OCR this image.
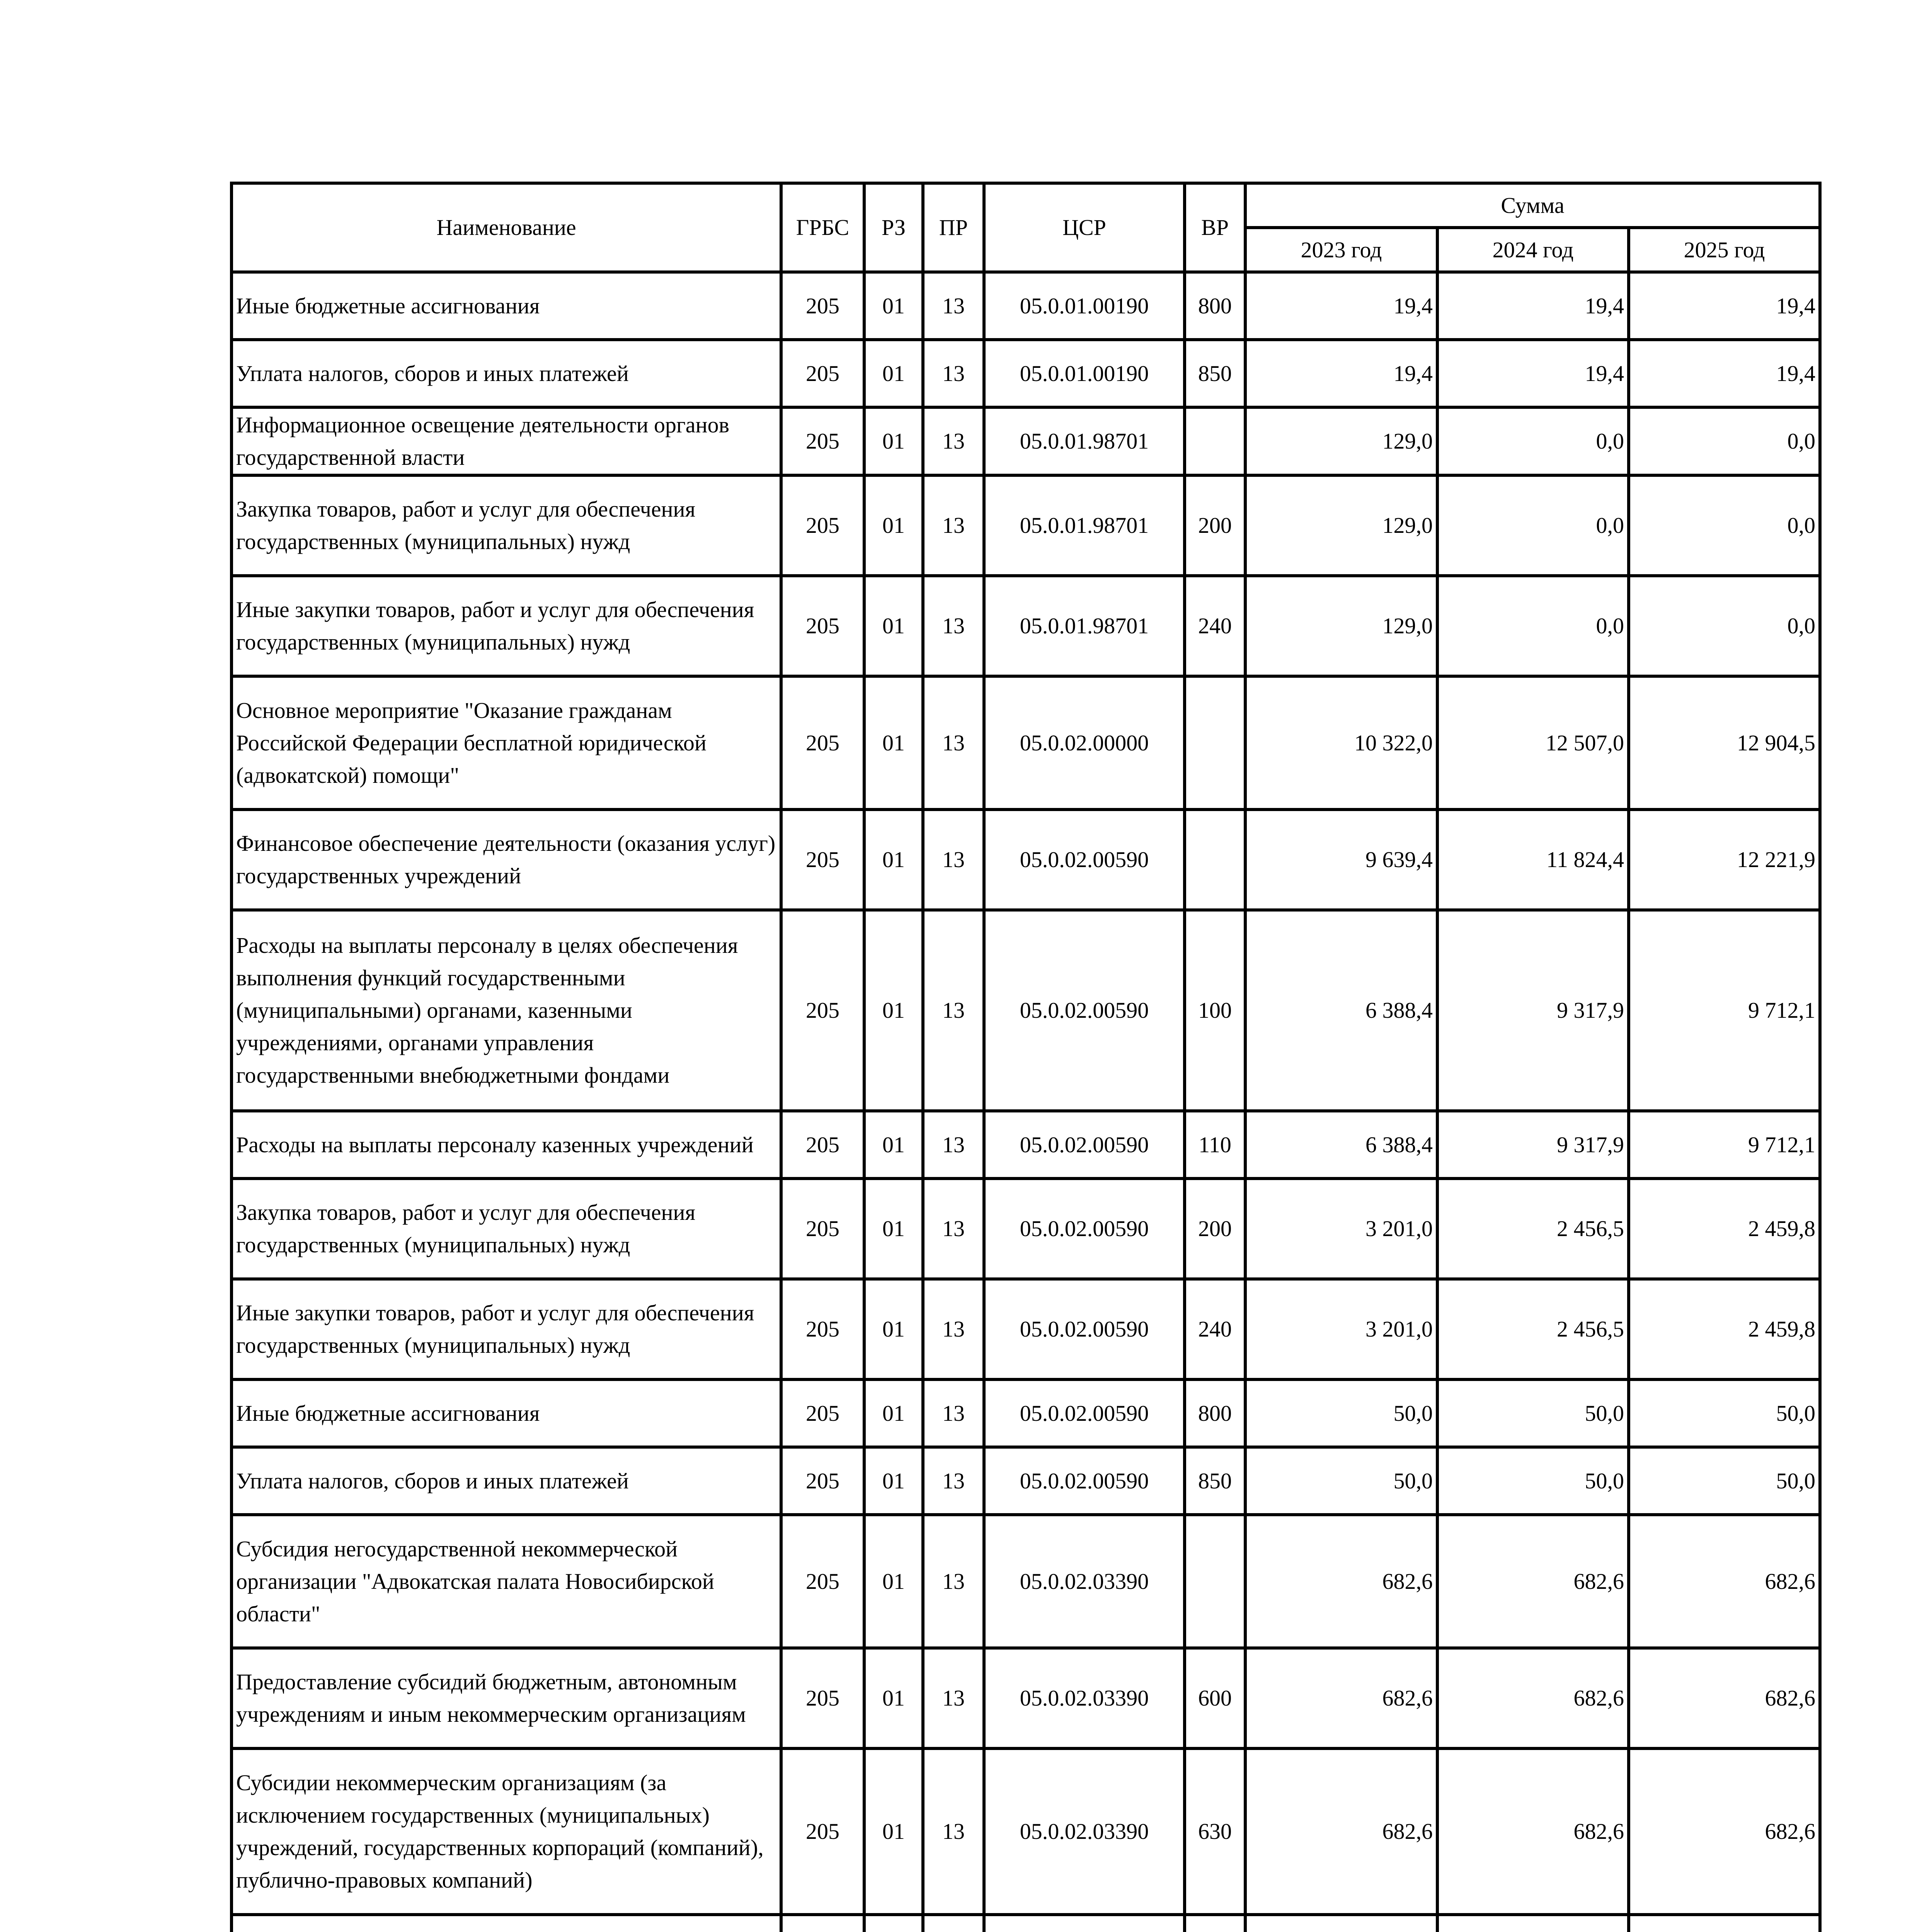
Наименование	ГРБС	РЗ	ПР	ЦСР	ВР	Сумма		
						2023 год	2024 год	2025 год
Иные бюджетные ассигнования	205	01	13	05.0.01.00190	800	19,4	19,4	19,4
Уплата налогов, сборов и иных платежей	205	01	13	05.0.01.00190	850	19,4	19,4	19,4
Информационное освещение деятельности органов государственной власти	205	01	13	05.0.01.98701		129,0	0,0	0,0
Закупка товаров, работ и услуг для обеспечения государственных (муниципальных) нужд	205	01	13	05.0.01.98701	200	129,0	0,0	0,0
Иные закупки товаров, работ и услуг для обеспечения государственных (муниципальных) нужд	205	01	13	05.0.01.98701	240	129,0	0,0	0,0
Основное мероприятие "Оказание гражданам Российской Федерации бесплатной юридической (адвокатской) помощи"	205	01	13	05.0.02.00000		10 322,0	12 507,0	12 904,5
Финансовое обеспечение деятельности (оказания услуг) государственных учреждений	205	01	13	05.0.02.00590		9 639,4	11 824,4	12 221,9
Расходы на выплаты персоналу в целях обеспечения выполнения функций государственными (муниципальными) органами, казенными учреждениями, органами управления государственными внебюджетными фондами	205	01	13	05.0.02.00590	100	6 388,4	9 317,9	9 712,1
Расходы на выплаты персоналу казенных учреждений	205	01	13	05.0.02.00590	110	6 388,4	9 317,9	9 712,1
Закупка товаров, работ и услуг для обеспечения государственных (муниципальных) нужд	205	01	13	05.0.02.00590	200	3 201,0	2 456,5	2 459,8
Иные закупки товаров, работ и услуг для обеспечения государственных (муниципальных) нужд	205	01	13	05.0.02.00590	240	3 201,0	2 456,5	2 459,8
Иные бюджетные ассигнования	205	01	13	05.0.02.00590	800	50,0	50,0	50,0
Уплата налогов, сборов и иных платежей	205	01	13	05.0.02.00590	850	50,0	50,0	50,0
Субсидия негосударственной некоммерческой организации "Адвокатская палата Новосибирской области"	205	01	13	05.0.02.03390		682,6	682,6	682,6
Предоставление субсидий бюджетным, автономным учреждениям и иным некоммерческим организациям	205	01	13	05.0.02.03390	600	682,6	682,6	682,6
Субсидии некоммерческим организациям (за исключением государственных (муниципальных) учреждений, государственных корпораций (компаний), публично-правовых компаний)	205	01	13	05.0.02.03390	630	682,6	682,6	682,6
